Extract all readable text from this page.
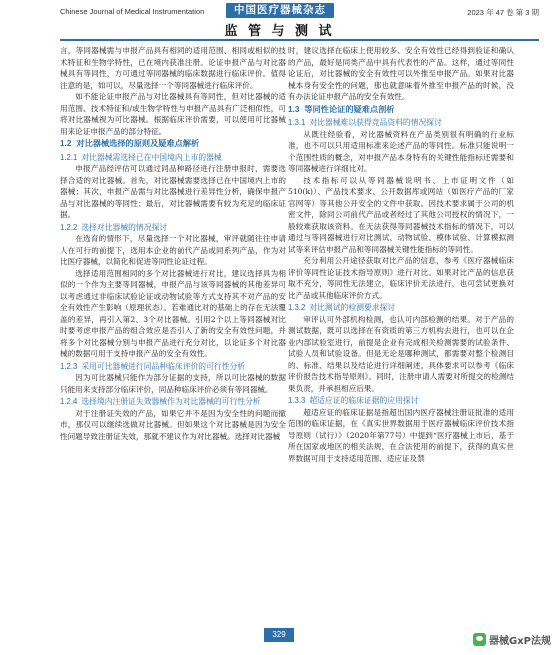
Chinese Journal of Medical Instrumentation	中国医疗器械杂志	2023 年 47 卷 第 3 期
监 管 与 测 试

言，等同器械需与申报产品具有相同的适用范围、相同或相似的技术特征和生物学特性，已在境内获准注册。论证申报产品与对比器械具有等同性，方可通过等同器械的临床数据进行临床评价。值得注意的是，如可以，尽量选择一个等同器械进行临床评价。

如不能论证申报产品与对比器械具有等同性，但对比器械的适用范围、技术特征和/或生物学特性与申报产品具有广泛相似性，可将对比器械视为可比器械。根据临床评价需要，可以使用可比器械用来论证申报产品的部分特征。

1.2 对比器械选择的原则及疑难点解析
1.2.1 对比器械需选择已在中国境内上市的器械

申报产品经评估可以通过同品种路径进行注册申报时，需要选择合适的对比器械。首先，对比器械需要选择已在中国境内上市的器械；其次，申报产品需与对比器械进行差异性分析，确保申报产品与对比器械的等同性；最后，对比器械需要有较为充足的临床证据。

1.2.2 选择对比器械的情况探讨

在选育的情形下，尽量选择一个对比器械，审评就随往往申请人在可行的前提下，选用本企业的前代产品或同系列产品，作为对比医疗器械，以简化和促进等同性论证过程。

选择适用范围相同的多个对比器械进行对比，建议选择具为相似的一个作为主要等同器械，申报产品与该等同器械的其他差异可以考虑通过非临床试验论证或动物试验等方式支持其不对产品的安全有效性产生影响（原理状态）。若难通比对的基础上的存在无法覆盖的差异，再引入第2、3个对比器械。引用2个以上等同器械对比时要考虑申报产品的组合效应是否引入了新的安全有效性问题，并将多个对比器械分别与申报产品进行充分对比，以论证多个对比器械的数据可用于支持申报产品的安全有效性。

1.2.3 采用可比器械进行同品种临床评价的可行性分析

因为可比器械只能作为部分证据的支持，所以可比器械的数据只能用来支持部分临床评价，同品种临床评价必须有等同器械。

1.2.4 选择境内注册证失效器械作为对比器械的可行性分析

对于注册证失效的产品，如果它并不是因为安全性的问题而撤市，那仅可以继续选做对比器械。但如果这个对比器械是因为安全性问题导致注册证失效，那就不建议作为对比器械。选择对比器械

时，建议选择在临床上使用较多、安全有效性已经得到验证和确认的产品，最好是同类产品中具有代表性的产品。这样，通过等同性论证后，对比器械的安全有效性可以外推至申报产品。如果对比器械本身有安全性的问题，那也就意味着外推至申报产品的时候，没有办法论证申报产品的安全有效性。

1.3 等同性论证的疑难点剖析
1.3.1 对比器械难以获得竞品资料的情况探讨

从既往经验看，对比器械资料在产品类别很有明确的行业标准，也不可以只用适用标准来论述产品的等同性。标准只能说明一个范围性质的概念，对申报产品本身特有的关键性能指标还需要和等同器械进行详细比对。

技术指标可以从等同器械说明书、上市证明文件（如510(k)）、产品技术要求、公开数据库或网站（如医疗产品的厂家官网等）等其他公开安全的文件中获取。因技术要求属于公司的机密文件，除同公司前代产品或者经过了其他公司授权的情况下，一般较难获取该资料。在无法获得等同器械技术指标的情况下，可以通过与等同器械进行对比测试、动物试验、模体试验、计算模拟测试等来评估申报产品和等同器械关键性能指标的等同性。

充分利用公开途径获取对比产品的信息，参考《医疗器械临床评价等同性论证技术指导原则》进行对比。如果对比产品的信息获取不充分，等同性无法建立，临床评价无法进行，也可尝试更换对比产品或其他临床评价方式。

1.3.2 对比测试的检测要求探讨

审评认可外部机构检测，也认可内部检测的结果。对于产品的测试数据，既可以选择在有资质的第三方机构去进行，也可以在企业内部试验室进行，前提是企业有完成相关检测需要的试验条件、试验人员和试验设备。但是无论是哪种测试，都需要对整个检测目的、标准、结果以及结论进行详细阐述。具体要求可以参考《临床评价报告技术指导原则》。同时，注册申请人需要对所提交的检测结果负责，并承担相应后果。

1.3.3 超适应证的临床证据的应用探讨

超适应证的临床证据是指超出国内医疗器械注册证批准的适用范围的临床证据，在《真实世界数据用于医疗器械临床评价技术指导原则（试行）》（2020年第77号）中提到“医疗器械上市后，基于所在国家或地区的相关法规，在合法使用的前提下，获得的真实世界数据可用于支持适用范围、适应证及禁

329
器械GxP法规
